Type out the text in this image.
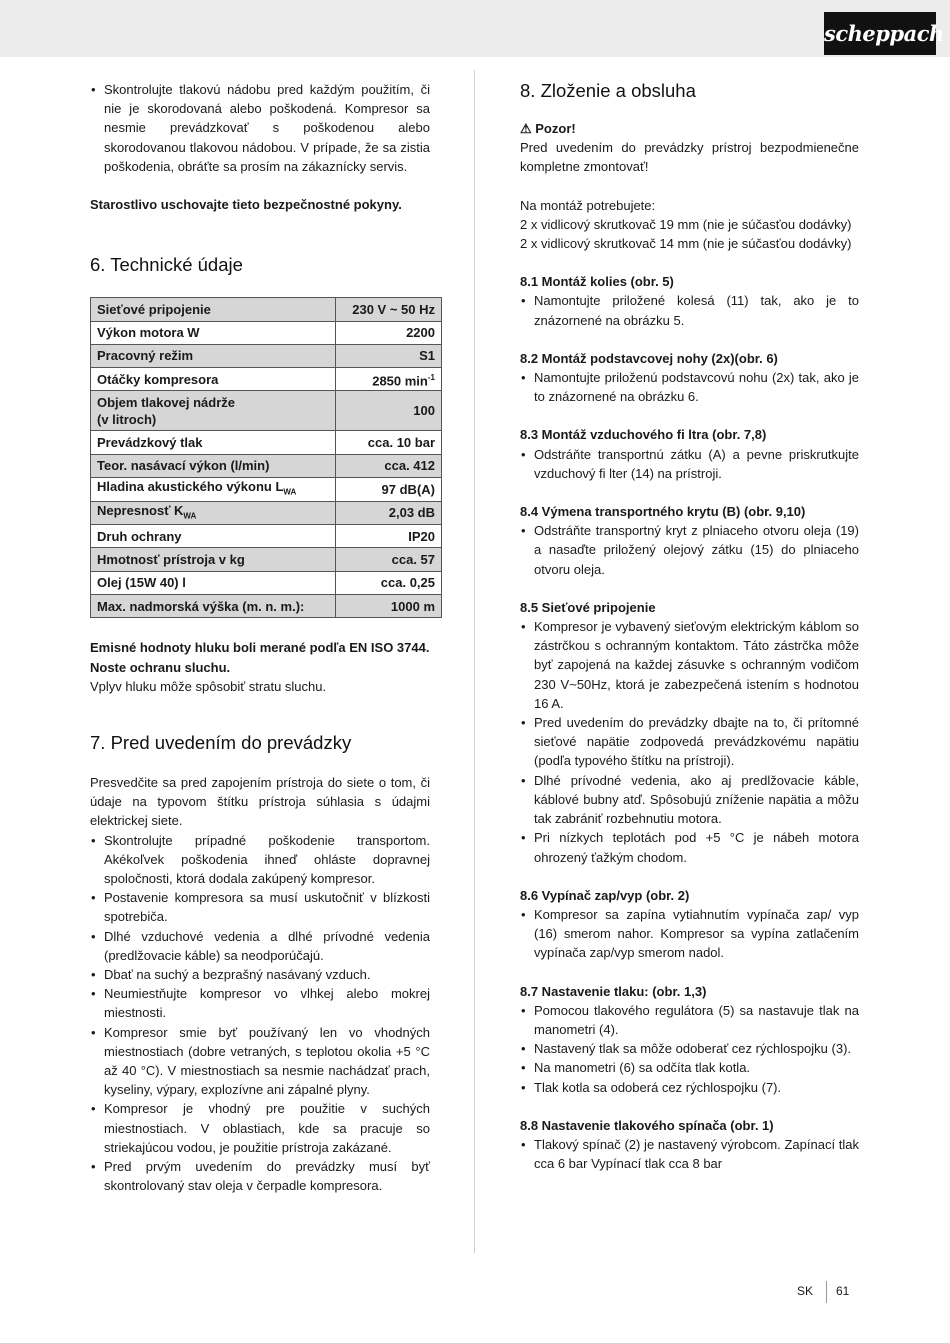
scheppach
• Skontrolujte tlakovú nádobu pred každým použitím, či nie je skorodovaná alebo poškodená. Kompresor sa nesmie prevádzkovať s poškodenou alebo skorodovanou tlakovou nádobou. V prípade, že sa zistia poškodenia, obráťte sa prosím na zákaznícky servis.

Starostlivo uschovajte tieto bezpečnostné pokyny.

6. Technické údaje
Sieťové pripojenie	230 V ~ 50 Hz
Výkon motora W	2200
Pracovný režim	S1
Otáčky kompresora	2850 $\min^{-1}$
Objem tlakovej nádrže
(v litroch)	100
Prevádzkový tlak	cca. 10 bar
Teor. nasávací výkon (l/min)	cca. 412
Hladina akustického výkonu $L_{WA}$	97 dB(A)
Nepresnosť $K_{WA}$	2,03 dB
Druh ochrany	IP20
Hmotnosť prístroja v kg	cca. 57
Olej (15W 40) l	cca. 0,25
Max. nadmorská výška (m. n. m.):	1000 m

Emisné hodnoty hluku boli merané podľa EN ISO 3744.

Noste ochranu sluchu.

Vplyv hluku môže spôsobiť stratu sluchu.

7. Pred uvedením do prevádzky

Presvedčite sa pred zapojením prístroja do siete o tom, či údaje na typovom štítku prístroja súhlasia s údajmi elektrickej siete.

• Skontrolujte prípadné poškodenie transportom. Akékoľvek poškodenia ihneď ohláste dopravnej spoločnosti, ktorá dodala zakúpený kompresor.
• Postavenie kompresora sa musí uskutočniť v blízkosti spotrebiča.
• Dlhé vzduchové vedenia a dlhé prívodné vedenia (predlžovacie káble) sa neodporúčajú.
• Dbať na suchý a bezprašný nasávaný vzduch.
• Neumiestňujte kompresor vo vlhkej alebo mokrej miestnosti.
• Kompresor smie byť používaný len vo vhodných miestnostiach (dobre vetraných, s teplotou okolia +5 °C až 40 °C). V miestnostiach sa nesmie nachádzať prach, kyseliny, výpary, explozívne ani zápalné plyny.
• Kompresor je vhodný pre použitie v suchých miestnostiach. V oblastiach, kde sa pracuje so striekajúcou vodou, je použitie prístroja zakázané.
• Pred prvým uvedením do prevádzky musí byť skontrolovaný stav oleja v čerpadle kompresora.
8. Zloženie a obsluha

⚠ Pozor!

Pred uvedením do prevádzky prístroj bezpodmienečne kompletne zmontovať!

Na montáž potrebujete:

2 x vidlicový skrutkovač 19 mm (nie je súčasťou dodávky)

2 x vidlicový skrutkovač 14 mm (nie je súčasťou dodávky)

8.1 Montáž kolies (obr. 5)
• Namontujte priložené kolesá (11) tak, ako je to znázornené na obrázku 5.
8.2 Montáž podstavcovej nohy (2x)(obr. 6)
• Namontujte priloženú podstavcovú nohu (2x) tak, ako je to znázornené na obrázku 6.
8.3 Montáž vzduchového fi ltra (obr. 7,8)
• Odstráňte transportnú zátku (A) a pevne priskrutkujte vzduchový fi lter (14) na prístroji.
8.4 Výmena transportného krytu (B) (obr. 9,10)
• Odstráňte transportný kryt z plniaceho otvoru oleja (19) a nasaďte priložený olejový zátku (15) do plniaceho otvoru oleja.
8.5 Sieťové pripojenie
• Kompresor je vybavený sieťovým elektrickým káblom so zástrčkou s ochranným kontaktom. Táto zástrčka môže byť zapojená na každej zásuvke s ochranným vodičom 230 V~50Hz, ktorá je zabezpečená istením s hodnotou 16 A.
• Pred uvedením do prevádzky dbajte na to, či prítomné sieťové napätie zodpovedá prevádzkovému napätiu (podľa typového štítku na prístroji).
• Dlhé prívodné vedenia, ako aj predlžovacie káble, káblové bubny atď. Spôsobujú zníženie napätia a môžu tak zabrániť rozbehnutiu motora.
• Pri nízkych teplotách pod +5 °C je nábeh motora ohrozený ťažkým chodom.
8.6 Vypínač zap/vyp (obr. 2)
• Kompresor sa zapína vytiahnutím vypínača zap/ vyp (16) smerom nahor. Kompresor sa vypína zatlačením vypínača zap/vyp smerom nadol.
8.7 Nastavenie tlaku: (obr. 1,3)
• Pomocou tlakového regulátora (5) sa nastavuje tlak na manometri (4).
• Nastavený tlak sa môže odoberať cez rýchlospojku (3).
• Na manometri (6) sa odčíta tlak kotla.
• Tlak kotla sa odoberá cez rýchlospojku (7).
8.8 Nastavenie tlakového spínača (obr. 1)
• Tlakový spínač (2) je nastavený výrobcom. Zapínací tlak cca 6 bar Vypínací tlak cca 8 bar
SK 61
